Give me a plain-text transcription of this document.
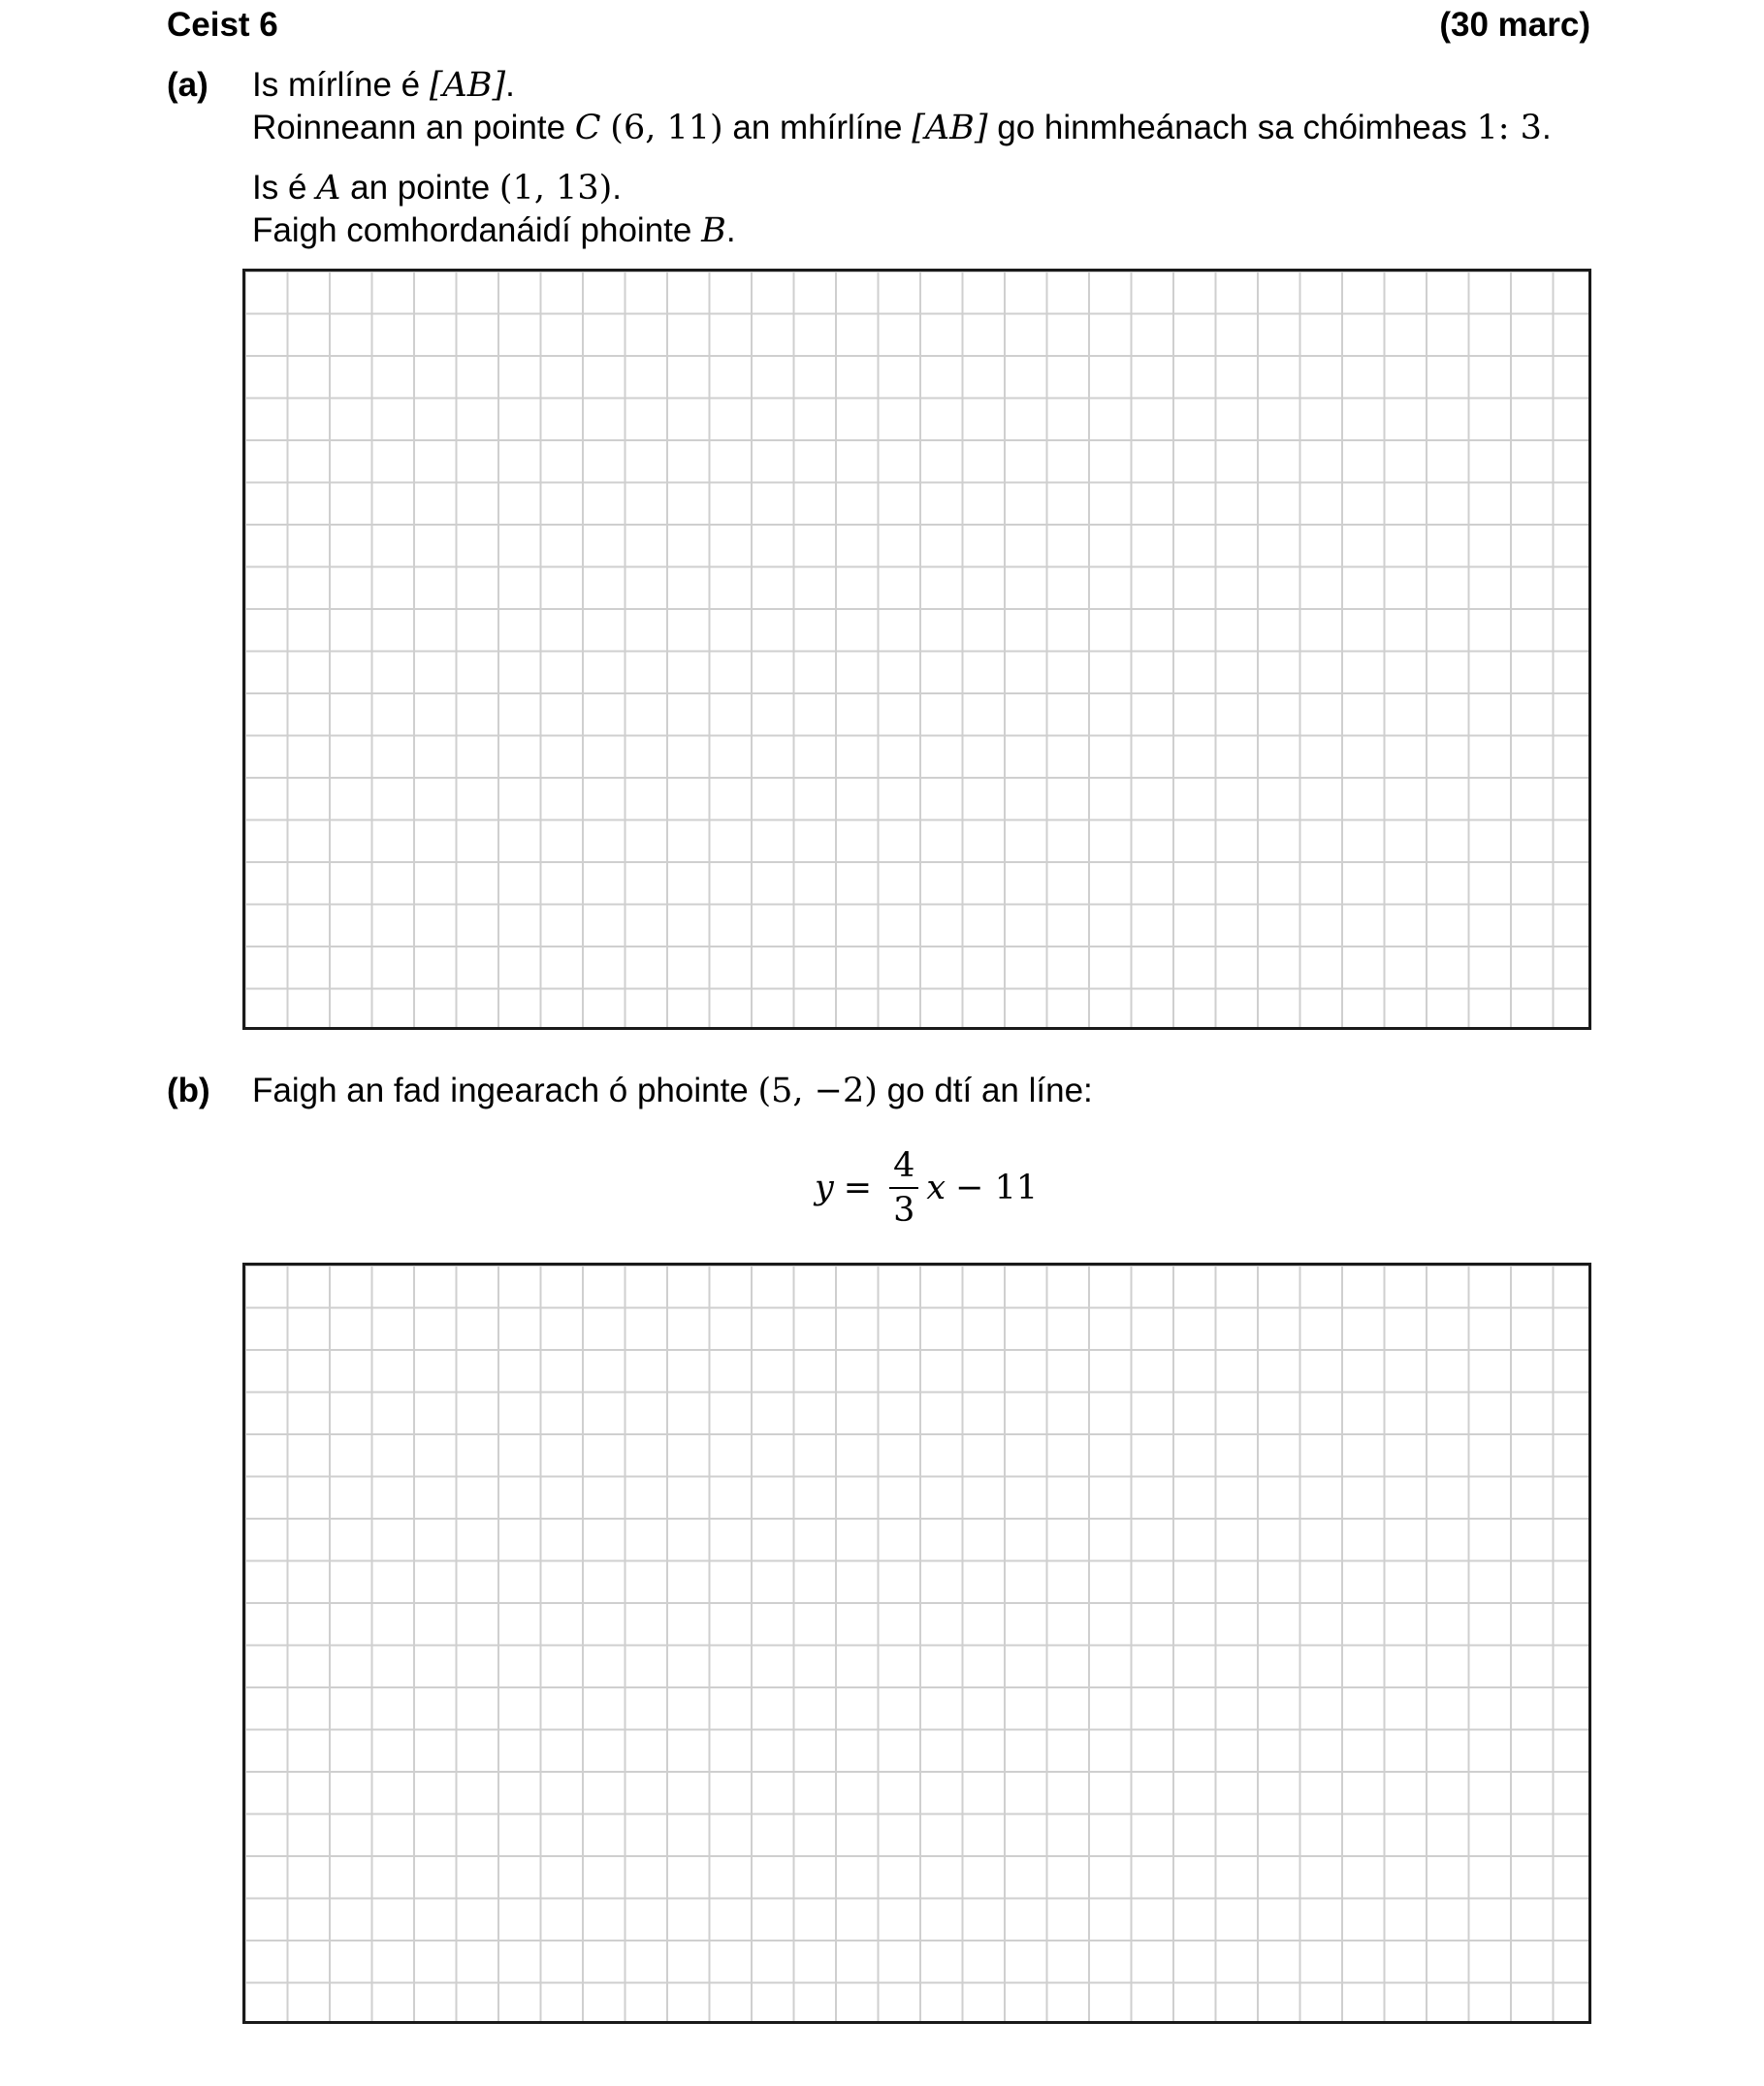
Ceist 6	(30 marc)
(a) Is mírlíne é [AB].
Roinneann an pointe C (6, 11) an mhírlíne [AB] go hinmheánach sa chóimheas 1: 3.
Is é A an pointe (1, 13).
Faigh comhordanáidí phointe B.
(b) Faigh an fad ingearach ó phointe (5, −2) go dtí an líne:
$y = \frac{4}{3}$ x − 11
